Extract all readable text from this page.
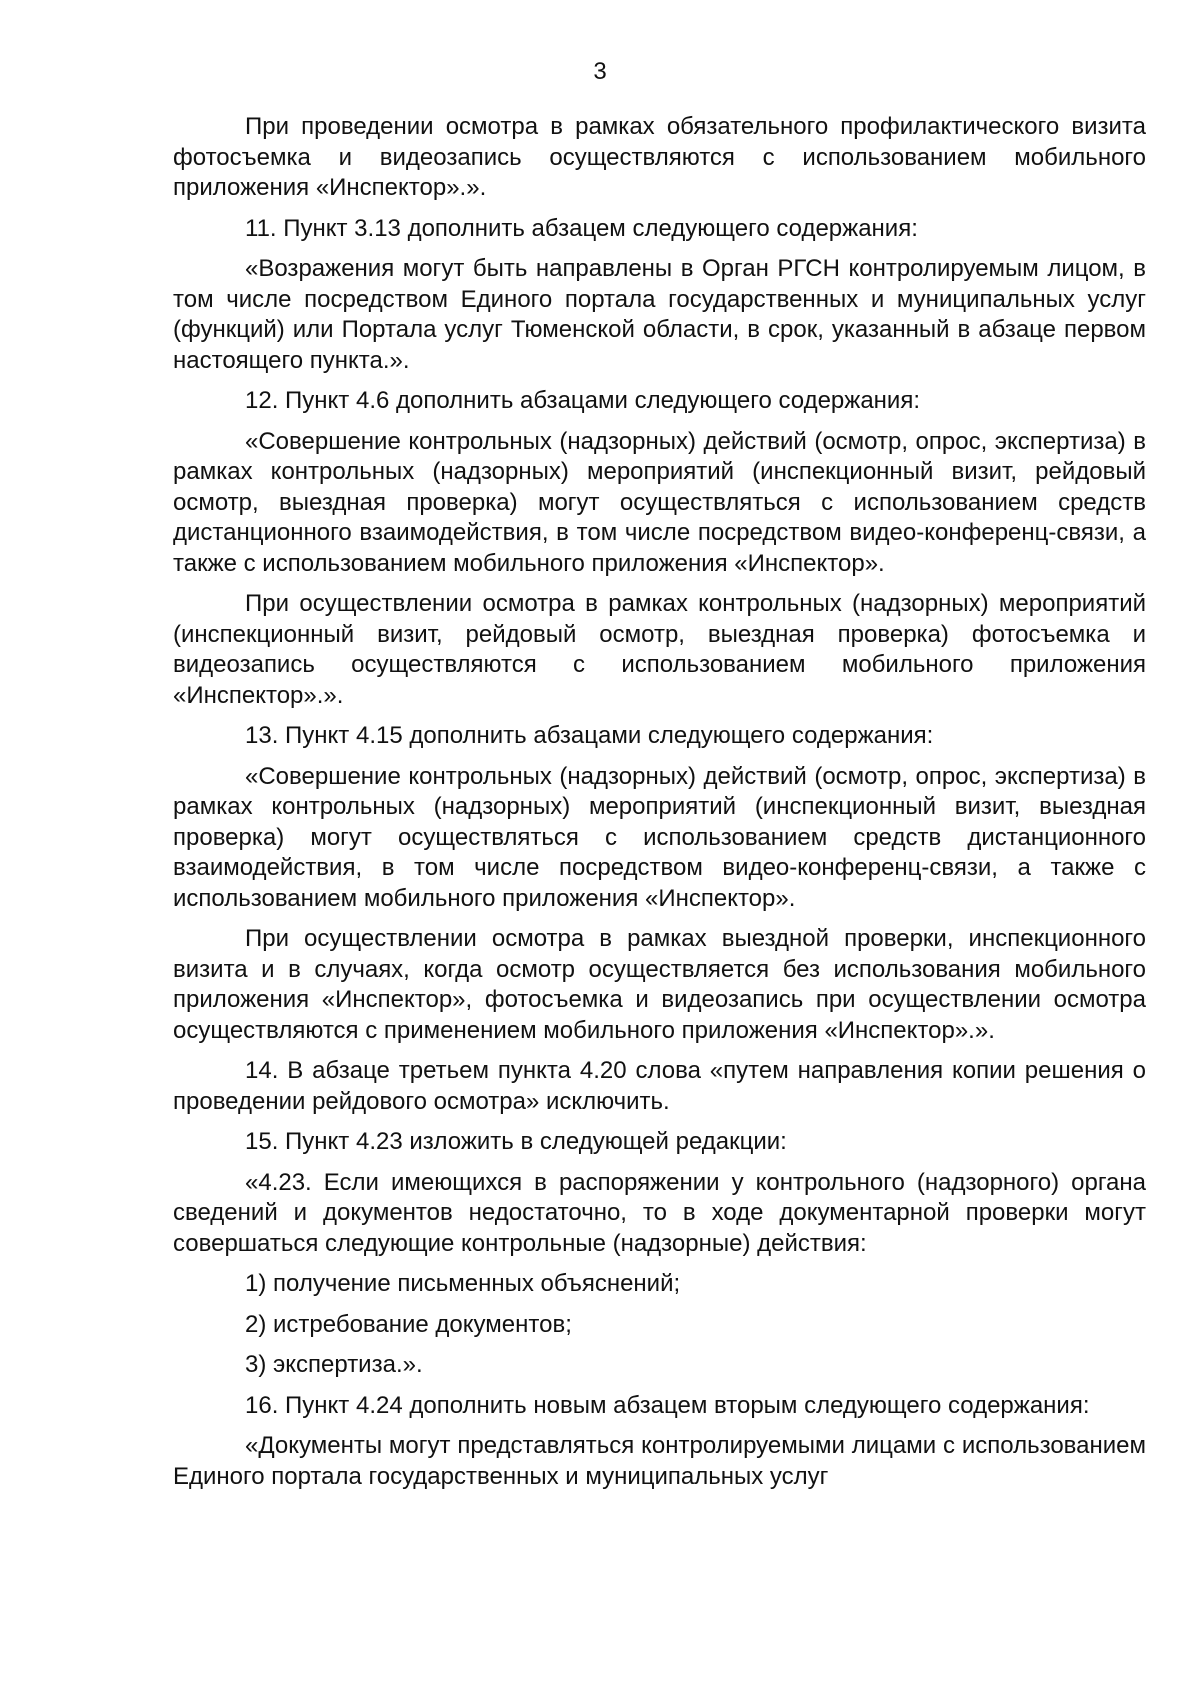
3

При проведении осмотра в рамках обязательного профилактического визита фотосъемка и видеозапись осуществляются с использованием мобильного приложения «Инспектор».».

11. Пункт 3.13 дополнить абзацем следующего содержания:

«Возражения могут быть направлены в Орган РГСН контролируемым лицом, в том числе посредством Единого портала государственных и муниципальных услуг (функций) или Портала услуг Тюменской области, в срок, указанный в абзаце первом настоящего пункта.».

12. Пункт 4.6 дополнить абзацами следующего содержания:

«Совершение контрольных (надзорных) действий (осмотр, опрос, экспертиза) в рамках контрольных (надзорных) мероприятий (инспекционный визит, рейдовый осмотр, выездная проверка) могут осуществляться с использованием средств дистанционного взаимодействия, в том числе посредством видео-конференц-связи, а также с использованием мобильного приложения «Инспектор».

При осуществлении осмотра в рамках контрольных (надзорных) мероприятий (инспекционный визит, рейдовый осмотр, выездная проверка) фотосъемка и видеозапись осуществляются с использованием мобильного приложения «Инспектор».».

13. Пункт 4.15 дополнить абзацами следующего содержания:

«Совершение контрольных (надзорных) действий (осмотр, опрос, экспертиза) в рамках контрольных (надзорных) мероприятий (инспекционный визит, выездная проверка) могут осуществляться с использованием средств дистанционного взаимодействия, в том числе посредством видео-конференц-связи, а также с использованием мобильного приложения «Инспектор».

При осуществлении осмотра в рамках выездной проверки, инспекционного визита и в случаях, когда осмотр осуществляется без использования мобильного приложения «Инспектор», фотосъемка и видеозапись при осуществлении осмотра осуществляются с применением мобильного приложения «Инспектор».».

14. В абзаце третьем пункта 4.20 слова «путем направления копии решения о проведении рейдового осмотра» исключить.

15. Пункт 4.23 изложить в следующей редакции:

«4.23. Если имеющихся в распоряжении у контрольного (надзорного) органа сведений и документов недостаточно, то в ходе документарной проверки могут совершаться следующие контрольные (надзорные) действия:

1) получение письменных объяснений;

2) истребование документов;

3) экспертиза.».

16. Пункт 4.24 дополнить новым абзацем вторым следующего содержания:

«Документы могут представляться контролируемыми лицами с использованием Единого портала государственных и муниципальных услуг
